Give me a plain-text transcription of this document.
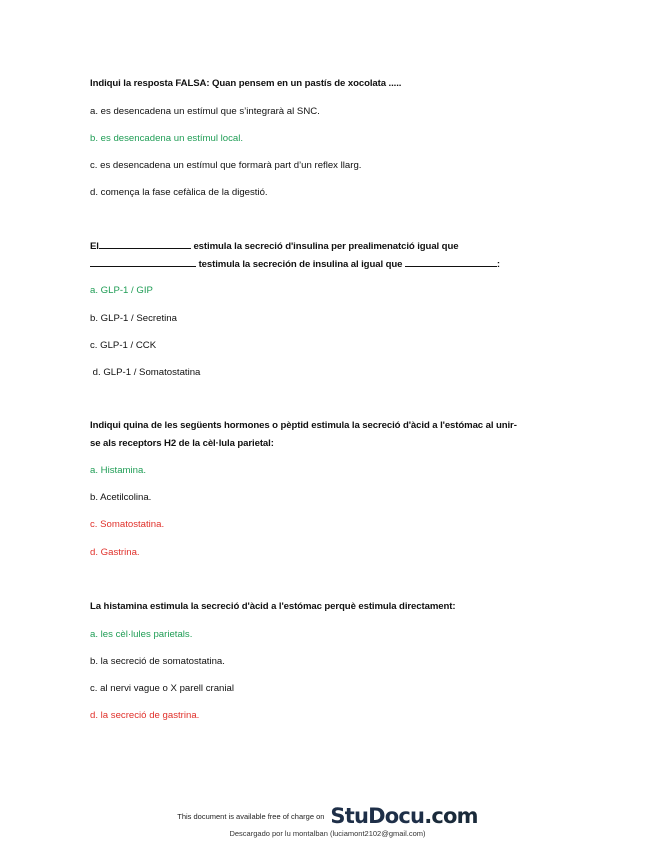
Indiqui la resposta FALSA: Quan pensem en un pastís de xocolata .....
a. es desencadena un estímul que s’integrarà al SNC.
b. es desencadena un estímul local.
c. es desencadena un estímul que formarà part d’un reflex llarg.
d. comença la fase cefàlica de la digestió.
El	estimula la secreció d'insulina per prealimenatció igual que
testimula la secreción de insulina al igual que	:
a. GLP-1 / GIP
b. GLP-1 / Secretina
c. GLP-1 / CCK
d. GLP-1 / Somatostatina
Indiqui quina de les següents hormones o pèptid estimula la secreció d'àcid a l'estómac al unir-
se als receptors H2 de la cèl·lula parietal:
a. Histamina.
b. Acetilcolina.
c. Somatostatina.
d. Gastrina.
La histamina estimula la secreció d'àcid a l'estómac perquè estimula directament:
a. les cèl·lules parietals.
b. la secreció de somatostatina.
c. al nervi vague o X parell cranial
d. la secreció de gastrina.
This document is available free of charge on StuDocu.com
Descargado por lu montalban (luciamont2102@gmail.com)
